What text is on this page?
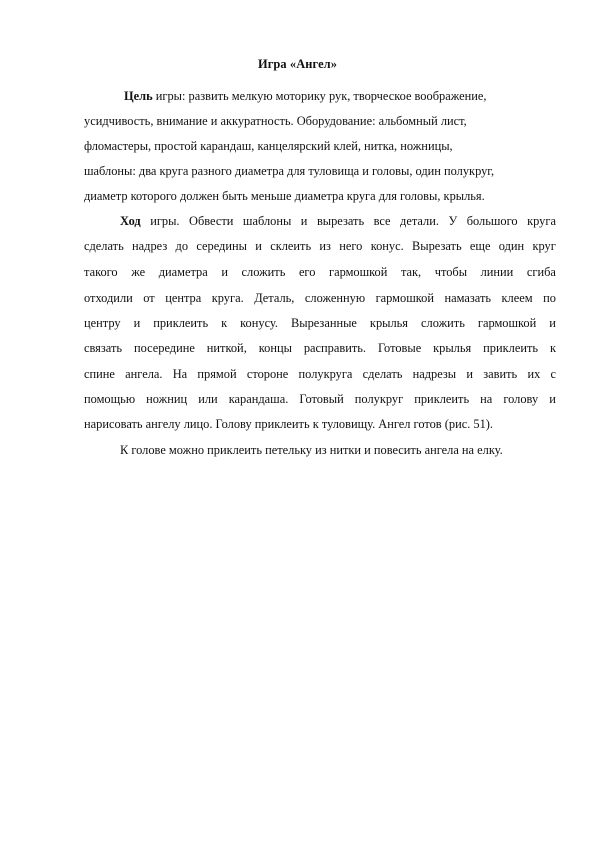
Игра «Ангел»
Цель игры: развить мелкую моторику рук, творческое воображение,
усидчивость, внимание и аккуратность. Оборудование: альбомный лист,
фломастеры, простой карандаш, канцелярский клей, нитка, ножницы,
шаблоны: два круга разного диаметра для туловища и головы, один полукруг,
диаметр которого должен быть меньше диаметра круга для головы, крылья.
Ход игры. Обвести шаблоны и вырезать все детали. У большого круга
сделать надрез до середины и склеить из него конус. Вырезать еще один круг
такого же диаметра и сложить его гармошкой так, чтобы линии сгиба
отходили от центра круга. Деталь, сложенную гармошкой намазать клеем по
центру и приклеить к конусу. Вырезанные крылья сложить гармошкой и
связать посередине ниткой, концы расправить. Готовые крылья приклеить к
спине ангела. На прямой стороне полукруга сделать надрезы и завить их с
помощью ножниц или карандаша. Готовый полукруг приклеить на голову и
нарисовать ангелу лицо. Голову приклеить к туловищу. Ангел готов (рис. 51).
К голове можно приклеить петельку из нитки и повесить ангела на елку.
